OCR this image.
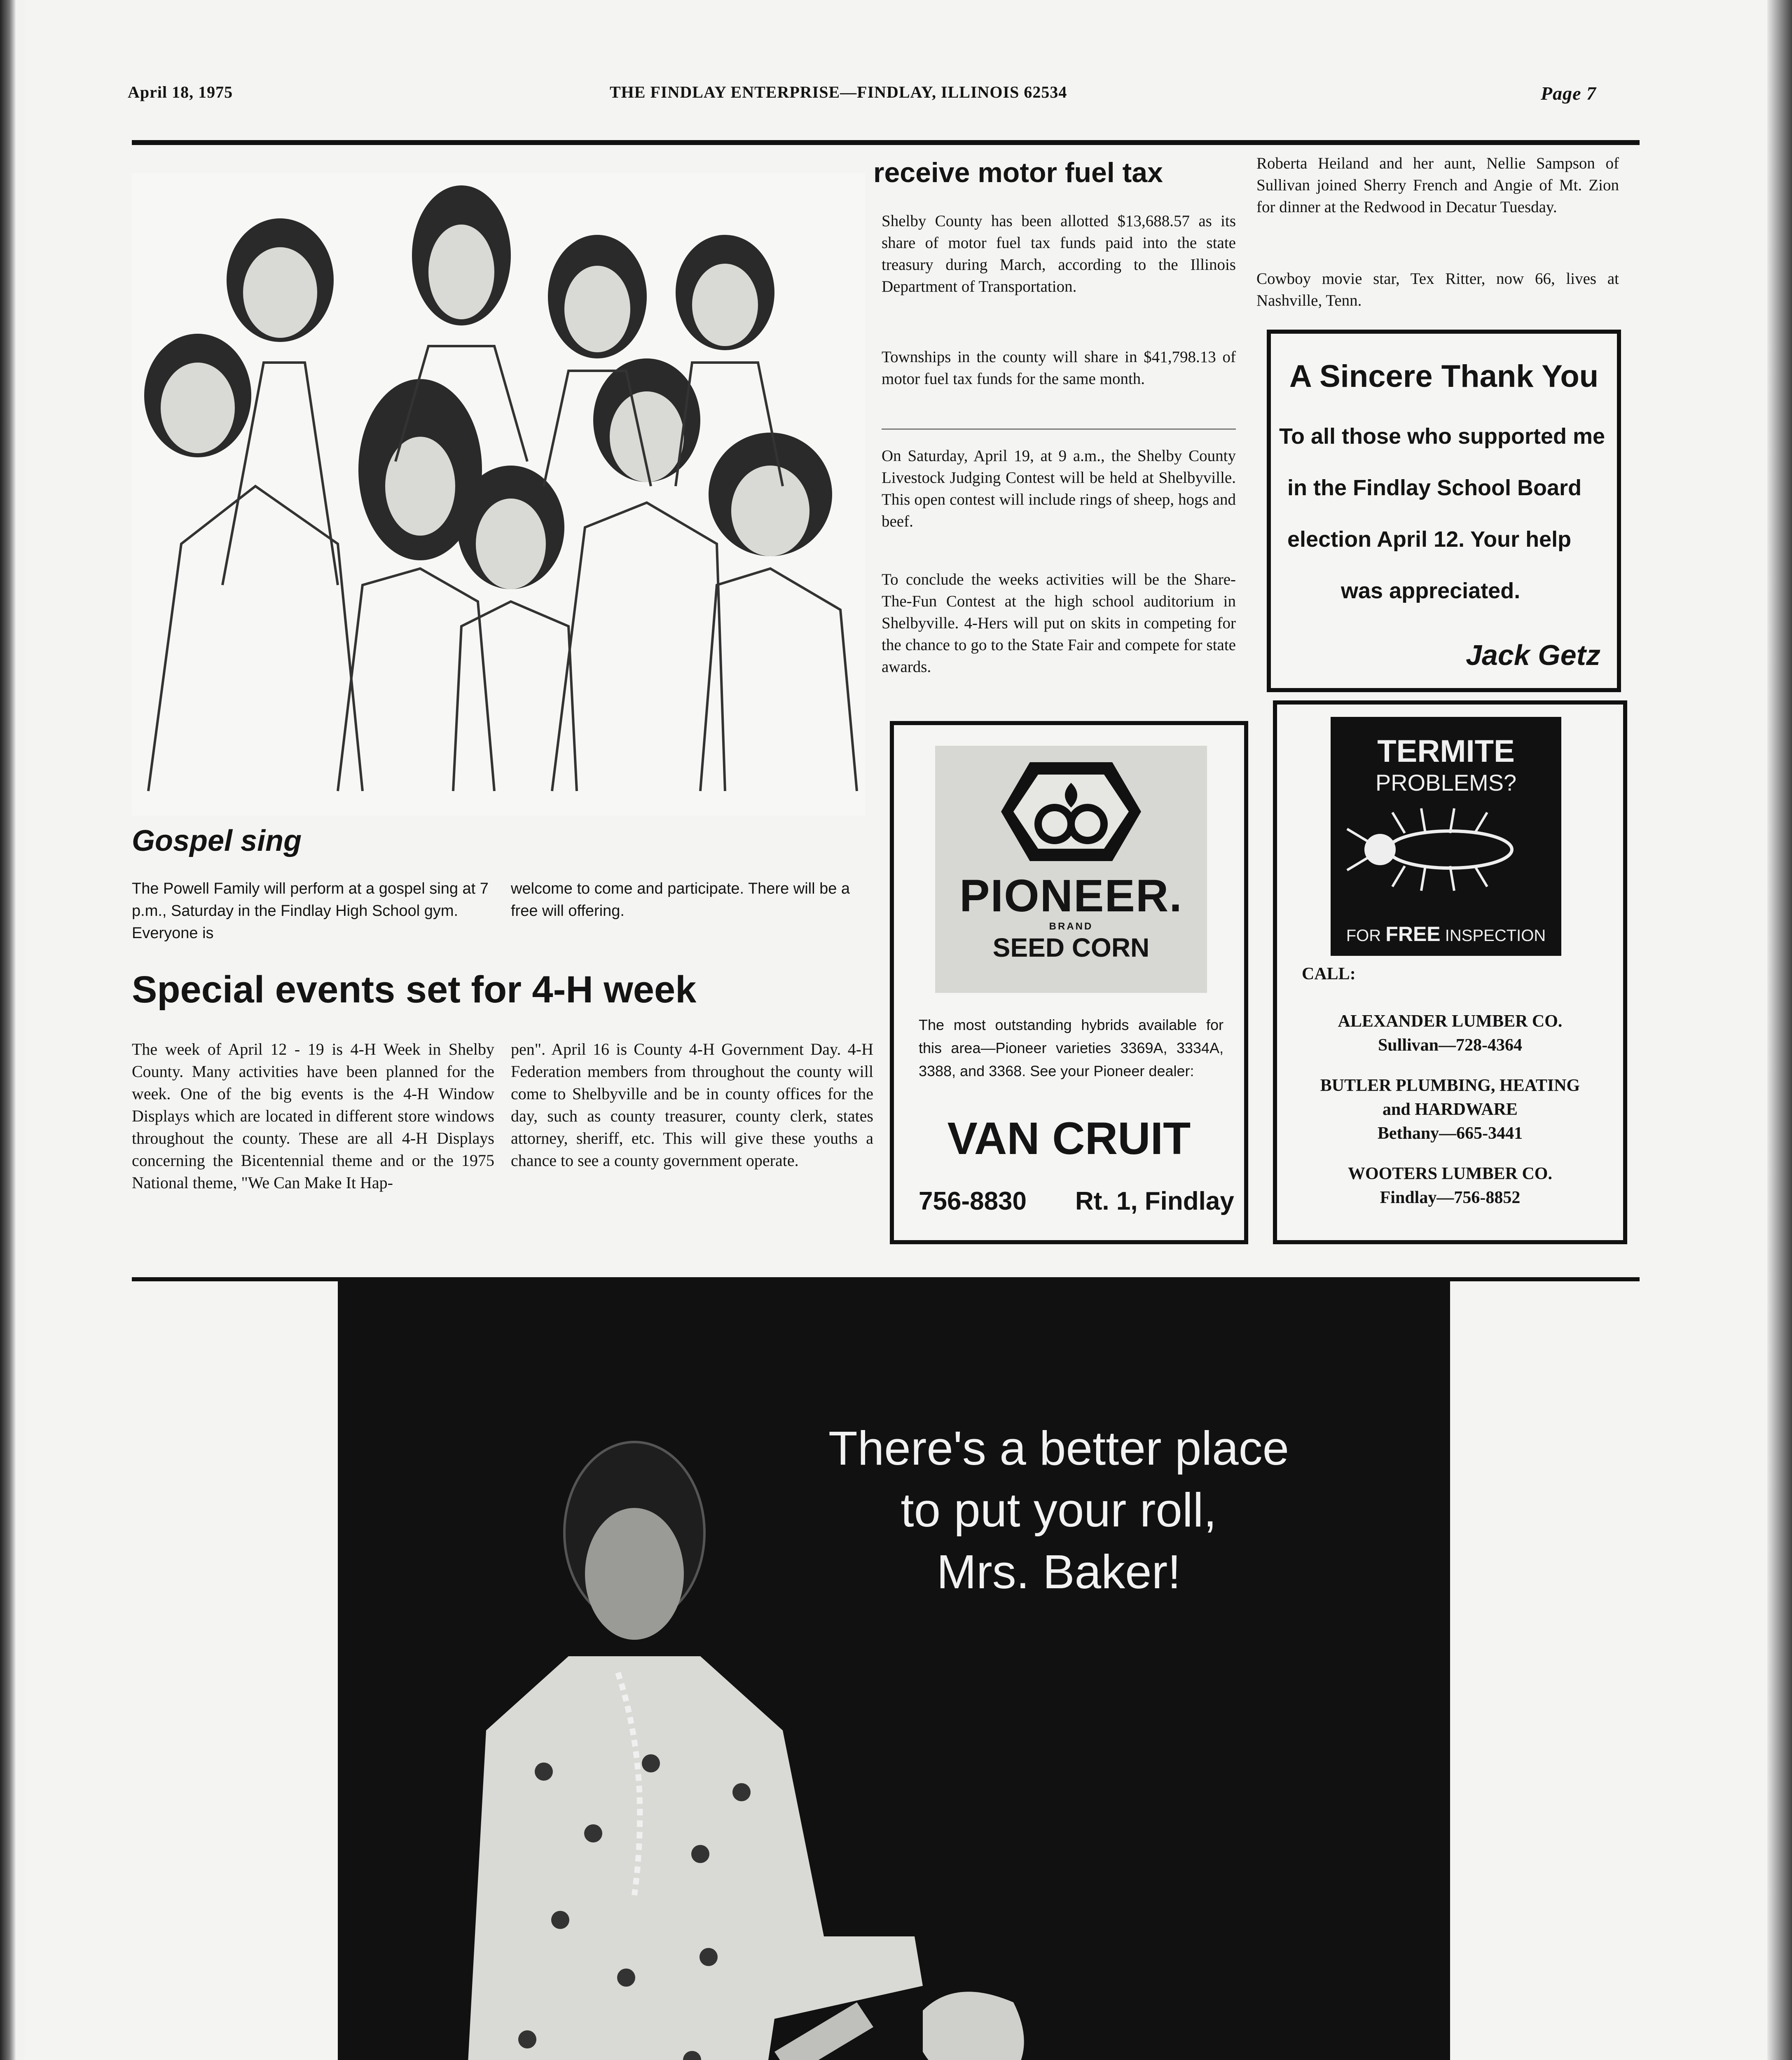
April 18, 1975	THE FINDLAY ENTERPRISE—FINDLAY, ILLINOIS 62534	Page 7
Gospel sing
The Powell Family will perform at a gospel sing at 7 p.m., Saturday in the Findlay High School gym. Everyone is
welcome to come and participate. There will be a free will offering.
Special events set for 4-H week
The week of April 12 - 19 is 4-H Week in Shelby County. Many activities have been planned for the week. One of the big events is the 4-H Window Displays which are located in different store windows throughout the county. These are all 4-H Displays concerning the Bicentennial theme and or the 1975 National theme, "We Can Make It Hap-
pen". April 16 is County 4-H Government Day. 4-H Federation members from throughout the county will come to Shelbyville and be in county offices for the day, such as county treasurer, county clerk, states attorney, sheriff, etc. This will give these youths a chance to see a county government operate.
receive motor fuel tax
Shelby County has been allotted $13,688.57 as its share of motor fuel tax funds paid into the state treasury during March, according to the Illinois Department of Transportation.
Townships in the county will share in $41,798.13 of motor fuel tax funds for the same month.
On Saturday, April 19, at 9 a.m., the Shelby County Livestock Judging Contest will be held at Shelbyville. This open contest will include rings of sheep, hogs and beef.
To conclude the weeks activities will be the Share-The-Fun Contest at the high school auditorium in Shelbyville. 4-Hers will put on skits in competing for the chance to go to the State Fair and compete for state awards.
Roberta Heiland and her aunt, Nellie Sampson of Sullivan joined Sherry French and Angie of Mt. Zion for dinner at the Redwood in Decatur Tuesday.
Cowboy movie star, Tex Ritter, now 66, lives at Nashville, Tenn.
A Sincere Thank You
To all those who supported me
in the Findlay School Board
election April 12. Your help
was appreciated.
Jack Getz
PIONEER.
BRAND
SEED CORN
The most outstanding hybrids available for this area—Pioneer varieties 3369A, 3334A, 3388, and 3368. See your Pioneer dealer:
VAN CRUIT
756-8830 Rt. 1, Findlay
TERMITE
PROBLEMS?
FOR FREE INSPECTION
CALL:
ALEXANDER LUMBER CO.
Sullivan—728-4364
BUTLER PLUMBING, HEATING
and HARDWARE
Bethany—665-3441
WOOTERS LUMBER CO.
Findlay—756-8852
There's a better place
to put your roll,
Mrs. Baker!
